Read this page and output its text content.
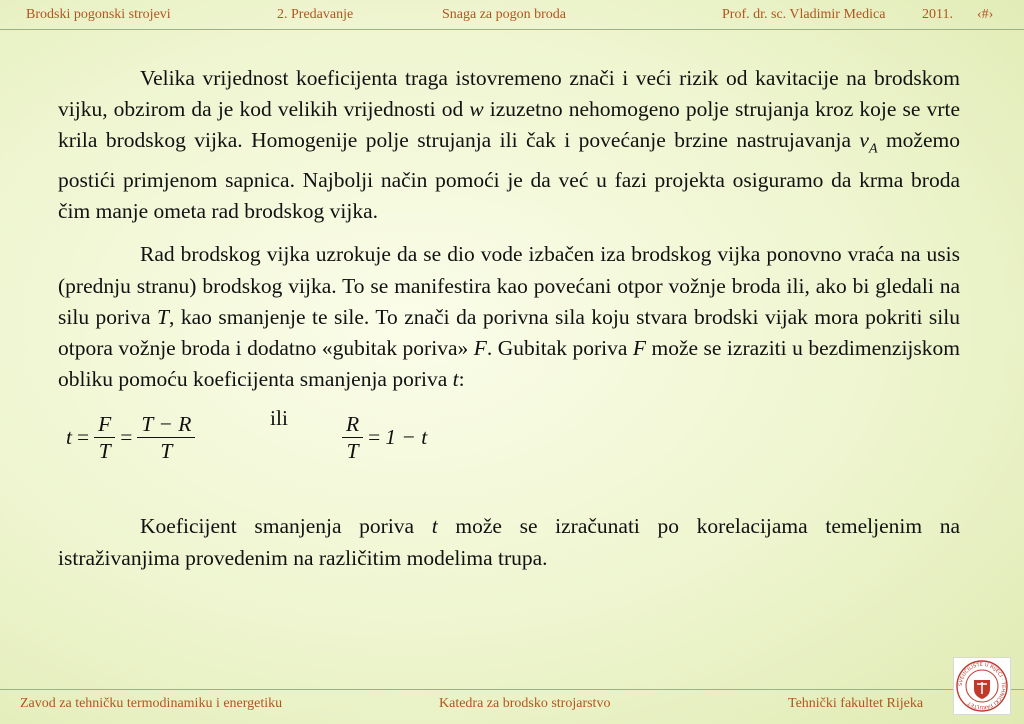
Brodski pogonski strojevi	2. Predavanje	Snaga za pogon broda	Prof. dr. sc. Vladimir Medica	2011. ‹#›

Velika vrijednost koeficijenta traga istovremeno znači i veći rizik od kavitacije na brodskom vijku, obzirom da je kod velikih vrijednosti od w izuzetno nehomogeno polje strujanja kroz koje se vrte krila brodskog vijka. Homogenije polje strujanja ili čak i povećanje brzine nastrujavanja $v_A$ možemo postići primjenom sapnica. Najbolji način pomoći je da već u fazi projekta osiguramo da krma broda čim manje ometa rad brodskog vijka.

Rad brodskog vijka uzrokuje da se dio vode izbačen iza brodskog vijka ponovno vraća na usis (prednju stranu) brodskog vijka. To se manifestira kao povećani otpor vožnje broda ili, ako bi gledali na silu poriva T, kao smanjenje te sile. To znači da porivna sila koju stvara brodski vijak mora pokriti silu otpora vožnje broda i dodatno «gubitak poriva» F. Gubitak poriva F može se izraziti u bezdimenzijskom obliku pomoću koeficijenta smanjenja poriva t:

$t = \frac{F}{T} = \frac{T - R}{T}$	ili	$\frac{R}{T} = 1 - t$

Koeficijent smanjenja poriva t može se izračunati po korelacijama temeljenim na istraživanjima provedenim na različitim modelima trupa.

Zavod za tehničku termodinamiku i energetiku	Katedra za brodsko strojarstvo	Tehnički fakultet Rijeka
SVEUČILIŠTE U RIJECI · TEHNIČKI FAKULTET
